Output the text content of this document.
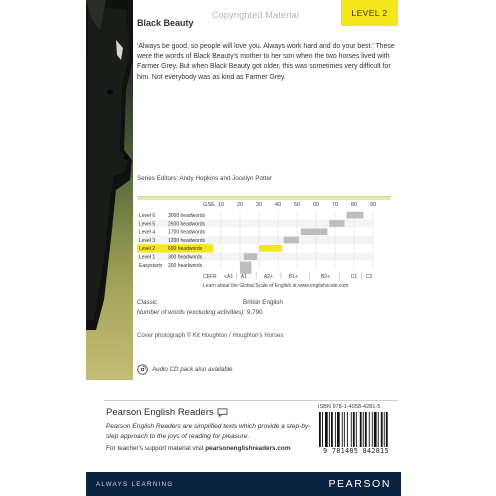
Copyrighted Material	LEVEL 2
Black Beauty
'Always be good, so people will love you. Always work hard and do your best.' These were the words of Black Beauty's mother to her son when the two horses lived with Farmer Grey. But when Black Beauty got older, this was sometimes very difficult for him. Not everybody was as kind as Farmer Grey.
Series Editors: Andy Hopkins and Jocelyn Potter
GSE 10 20 30 40 50 60 70 80 90
Level 6	3000 headwords
Level 5	2500 headwords
Level 4	1700 headwords
Level 3	1200 headwords
Level 2	600 headwords
Level 1	300 headwords
Easystarts 200 headwords
CEFR <A1 A1	A2+	B1+	B2+	C1 C2
Learn about the Global Scale of English at www.englishscale.com
Classic	British English
Number of words (excluding activities): 9,790
Cover photograph © Kit Houghton / Houghton's Horses
Audio CD pack also available
Pearson English Readers
Pearson English Readers are simplified texts which provide a step-by-step approach to the joys of reading for pleasure.
For teacher's support material visit pearsonenglishreaders.com
ISBN 978-1-4058-4281-5
9 781405 842815
ALWAYS LEARNING	PEARSON
